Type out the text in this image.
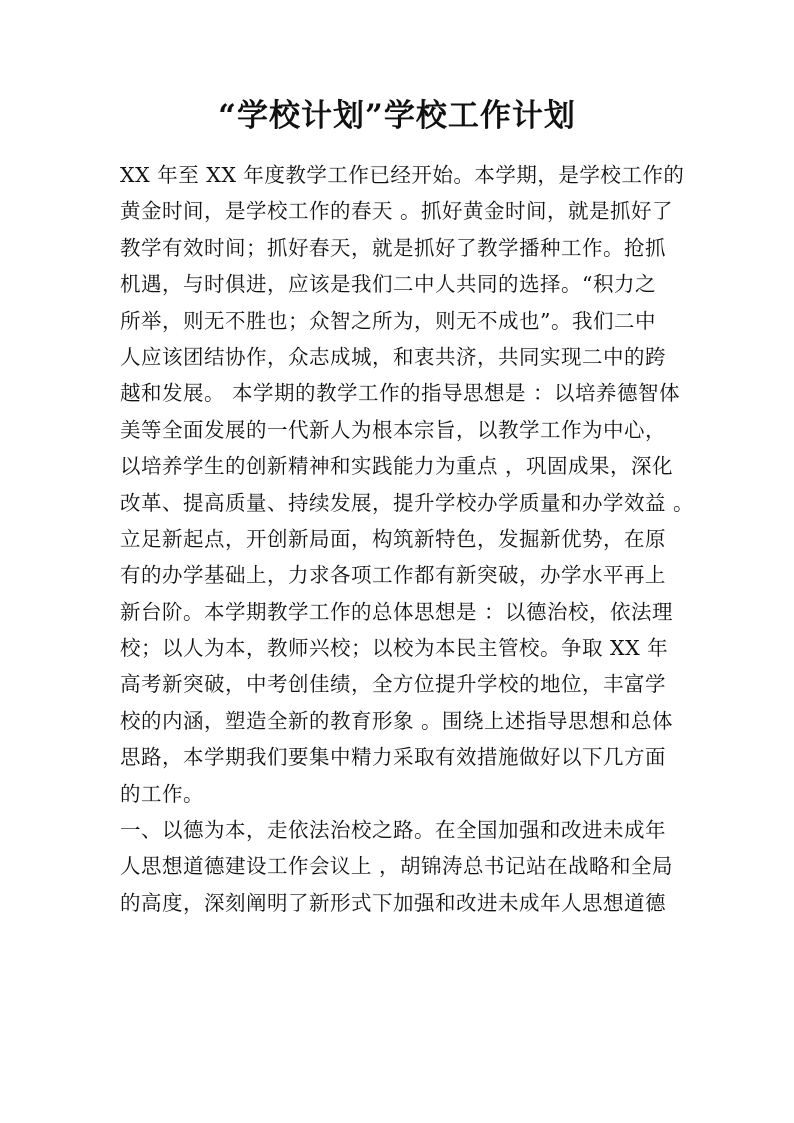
“学校计划”学校工作计划
XX 年至 XX 年度教学工作已经开始。本学期，是学校工作的
黄金时间，是学校工作的春天 。抓好黄金时间，就是抓好了
教学有效时间；抓好春天，就是抓好了教学播种工作。抢抓
机遇，与时俱进，应该是我们二中人共同的选择。“积力之
所举，则无不胜也；众智之所为，则无不成也”。我们二中
人应该团结协作，众志成城，和衷共济，共同实现二中的跨
越和发展。 本学期的教学工作的指导思想是 ：以培养德智体
美等全面发展的一代新人为根本宗旨，以教学工作为中心，
以培养学生的创新精神和实践能力为重点 ，巩固成果，深化
改革、提高质量、持续发展，提升学校办学质量和办学效益 。
立足新起点，开创新局面，构筑新特色，发掘新优势，在原
有的办学基础上，力求各项工作都有新突破，办学水平再上
新台阶。本学期教学工作的总体思想是 ：以德治校，依法理
校；以人为本，教师兴校；以校为本民主管校。争取 XX 年
高考新突破，中考创佳绩，全方位提升学校的地位，丰富学
校的内涵，塑造全新的教育形象 。围绕上述指导思想和总体
思路，本学期我们要集中精力采取有效措施做好以下几方面
的工作。
一、以德为本，走依法治校之路。在全国加强和改进未成年
人思想道德建设工作会议上 ，胡锦涛总书记站在战略和全局
的高度，深刻阐明了新形式下加强和改进未成年人思想道德
